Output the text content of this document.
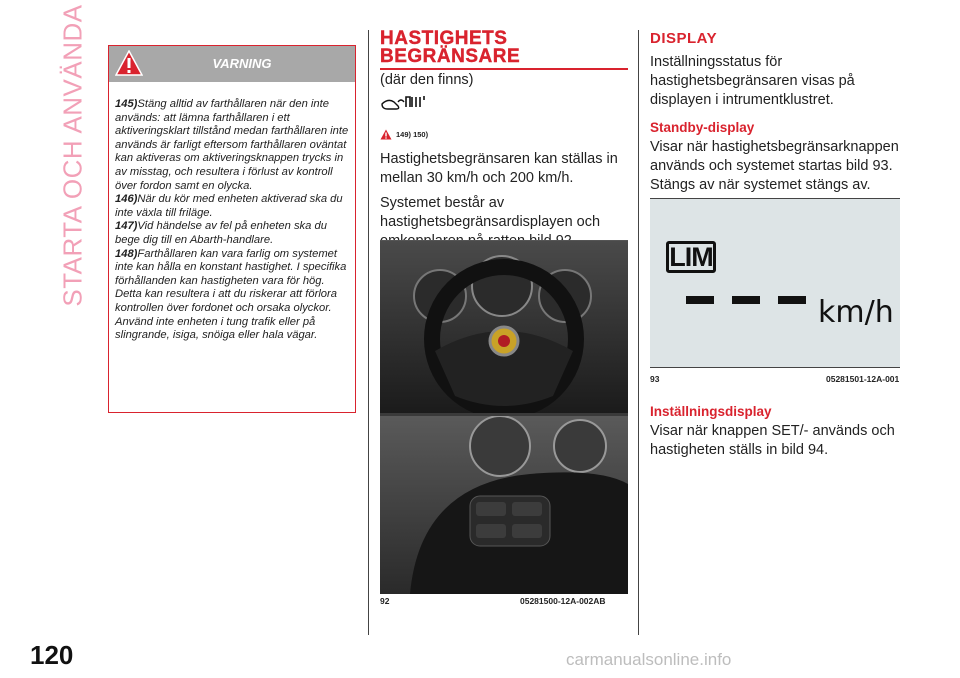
STARTA OCH ANVÄNDA
120
VARNING

145)Stäng alltid av farthållaren när den inte används: att lämna farthållaren i ett aktiveringsklart tillstånd medan farthållaren inte används är farligt eftersom farthållaren oväntat kan aktiveras om aktiveringsknappen trycks in av misstag, och resultera i förlust av kontroll över fordon samt en olycka.

146)När du kör med enheten aktiverad ska du inte växla till friläge.

147)Vid händelse av fel på enheten ska du bege dig till en Abarth-handlare.

148)Farthållaren kan vara farlig om systemet inte kan hålla en konstant hastighet. I specifika förhållanden kan hastigheten vara för hög. Detta kan resultera i att du riskerar att förlora kontrollen över fordonet och orsaka olyckor. Använd inte enheten i tung trafik eller på slingrande, isiga, snöiga eller hala vägar.

HASTIGHETS
BEGRÄNSARE
(där den finns)
149) 150)

Hastighetsbegränsaren kan ställas in mellan 30 km/h och 200 km/h.

Systemet består av hastighetsbegränsardisplayen och

92	05281500-12A-002AB
DISPLAY

Inställningsstatus för hastighetsbegränsaren visas på displayen i intrumentklustret.

Standby-display

Visar när hastighetsbegränsarknappen används och systemet startas bild 93. Stängs av när systemet stängs av.

LIM
km/h
93	05281501-12A-001
Inställningsdisplay

Visar när knappen SET/- används och hastigheten ställs in bild 94.

carmanualsonline.info
